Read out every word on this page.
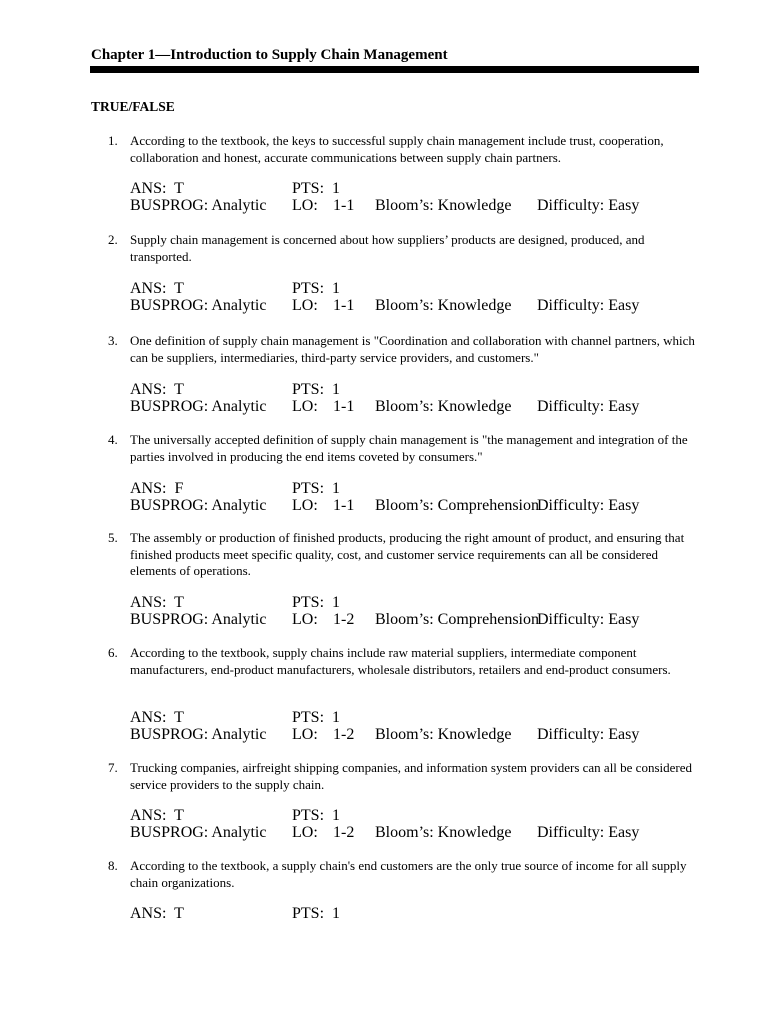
Chapter 1—Introduction to Supply Chain Management
TRUE/FALSE
1. According to the textbook, the keys to successful supply chain management include trust, cooperation, collaboration and honest, accurate communications between supply chain partners.
ANS:  T	PTS:  1
BUSPROG: Analytic LO: 1-1 Bloom’s: Knowledge Difficulty: Easy
2. Supply chain management is concerned about how suppliers’ products are designed, produced, and transported.
ANS:  T	PTS:  1
BUSPROG: Analytic LO: 1-1 Bloom’s: Knowledge Difficulty: Easy
3. One definition of supply chain management is "Coordination and collaboration with channel partners, which can be suppliers, intermediaries, third-party service providers, and customers."
ANS:  T	PTS:  1
BUSPROG: Analytic LO: 1-1 Bloom’s: Knowledge Difficulty: Easy
4. The universally accepted definition of supply chain management is "the management and integration of the parties involved in producing the end items coveted by consumers."
ANS:  F	PTS:  1
BUSPROG: Analytic LO: 1-1 Bloom’s: Comprehension
Difficulty: Easy
5. The assembly or production of finished products, producing the right amount of product, and ensuring that finished products meet specific quality, cost, and customer service requirements can all be considered elements of operations.
ANS:  T	PTS:  1
BUSPROG: Analytic LO: 1-2 Bloom’s: Comprehension
Difficulty: Easy
6. According to the textbook, supply chains include raw material suppliers, intermediate component manufacturers, end-product manufacturers, wholesale distributors, retailers and end-product consumers.
ANS:  T	PTS:  1
BUSPROG: Analytic LO: 1-2 Bloom’s: Knowledge Difficulty: Easy
7. Trucking companies, airfreight shipping companies, and information system providers can all be considered service providers to the supply chain.
ANS:  T	PTS:  1
BUSPROG: Analytic LO: 1-2 Bloom’s: Knowledge Difficulty: Easy
8. According to the textbook, a supply chain's end customers are the only true source of income for all supply chain organizations.
ANS:  T	PTS:  1
